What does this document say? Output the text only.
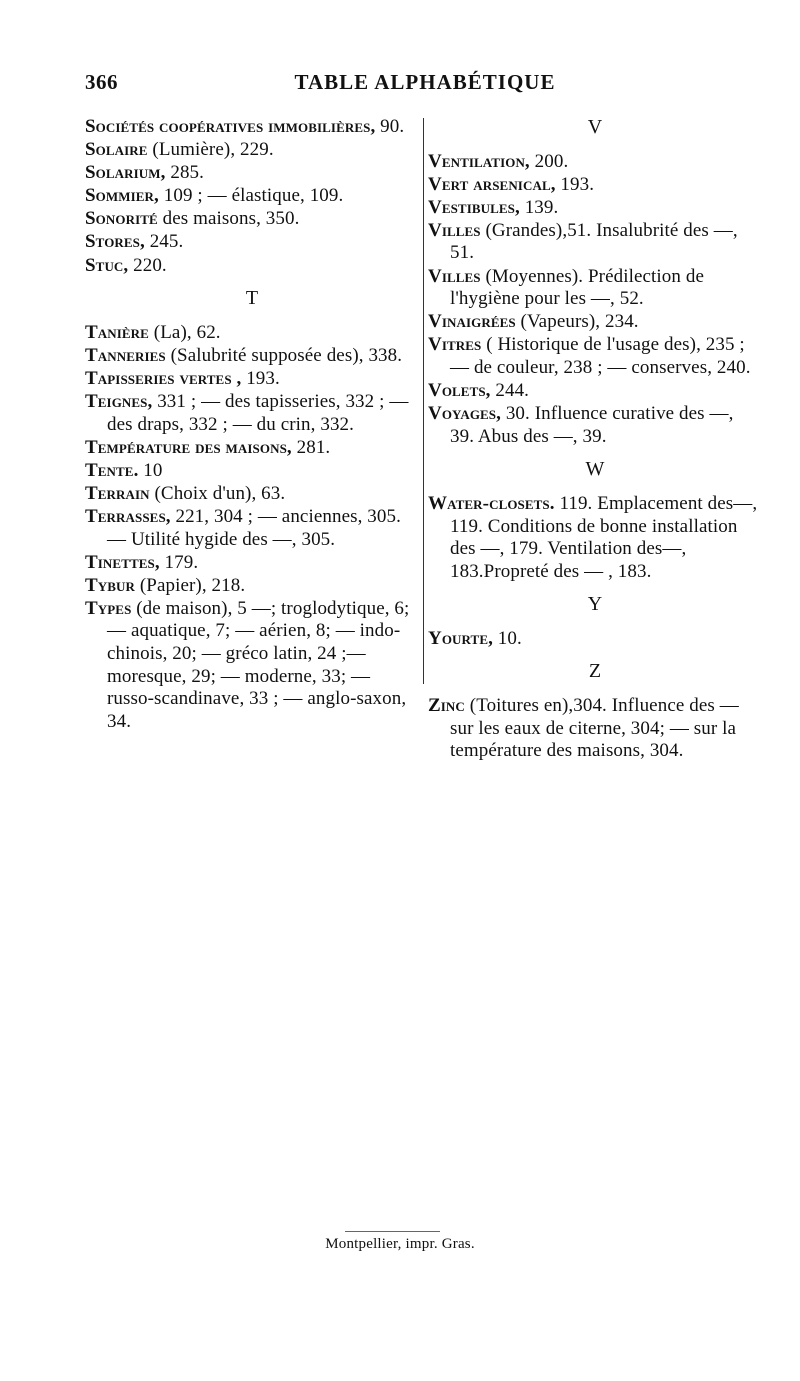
366	TABLE ALPHABÉTIQUE
Sociétés coopératives immobilières, 90.
Solaire (Lumière), 229.
Solarium, 285.
Sommier, 109 ; — élastique, 109.
Sonorité des maisons, 350.
Stores, 245.
Stuc, 220.
T
Tanière (La), 62.
Tanneries (Salubrité supposée des), 338.
Tapisseries vertes , 193.
Teignes, 331 ; — des tapisseries, 332 ; — des draps, 332 ; — du crin, 332.
Température des maisons, 281.
Tente. 10
Terrain (Choix d'un), 63.
Terrasses, 221, 304 ; — anciennes, 305. — Utilité hygide des —, 305.
Tinettes, 179.
Tybur (Papier), 218.
Types (de maison), 5 —; troglodytique, 6; — aquatique, 7; — aérien, 8; — indo-chinois, 20; — gréco latin, 24 ;—moresque, 29; — moderne, 33; — russo-scandinave, 33 ; — anglo-saxon, 34.
V
Ventilation, 200.
Vert arsenical, 193.
Vestibules, 139.
Villes (Grandes),51. Insalubrité des —, 51.
Villes (Moyennes). Prédilection de l'hygiène pour les —, 52.
Vinaigrées (Vapeurs), 234.
Vitres ( Historique de l'usage des), 235 ; — de couleur, 238 ; — conserves, 240.
Volets, 244.
Voyages, 30. Influence curative des —, 39. Abus des —, 39.
W
Water-closets. 119. Emplacement des—, 119. Conditions de bonne installation des —, 179. Ventilation des—, 183.Propreté des — , 183.
Y
Yourte, 10.
Z
Zinc (Toitures en),304. Influence des — sur les eaux de citerne, 304; — sur la température des maisons, 304.
Montpellier, impr. Gras.
